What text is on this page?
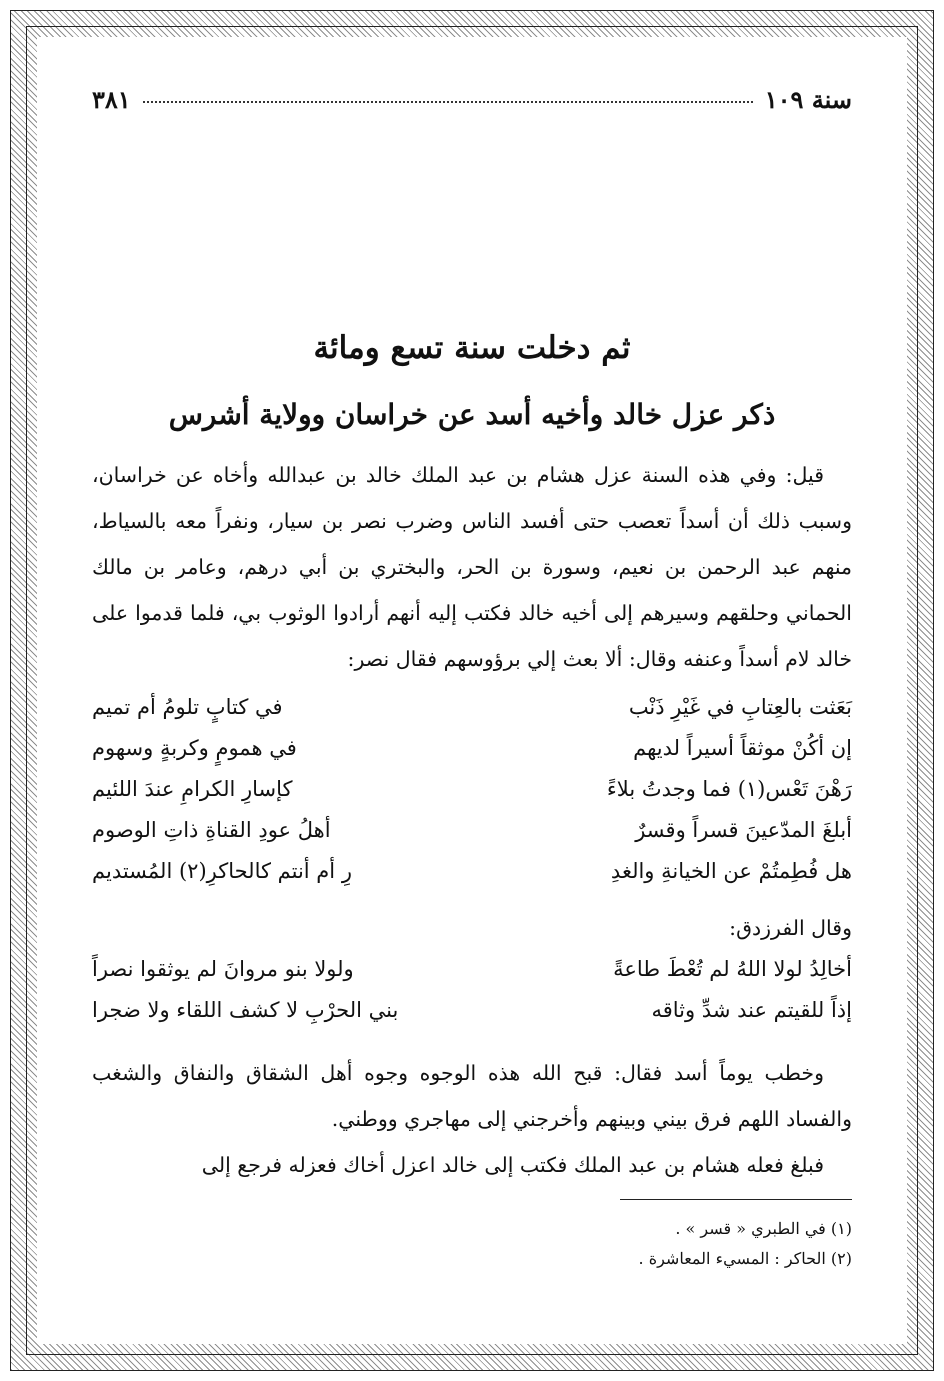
سنة ١٠٩
٣٨١
ثم دخلت سنة تسع ومائة
ذكر عزل خالد وأخيه أسد عن خراسان وولاية أشرس

قيل: وفي هذه السنة عزل هشام بن عبد الملك خالد بن عبدالله وأخاه عن خراسان، وسبب ذلك أن أسداً تعصب حتى أفسد الناس وضرب نصر بن سيار، ونفراً معه بالسياط، منهم عبد الرحمن بن نعيم، وسورة بن الحر، والبختري بن أبي درهم، وعامر بن مالك الحماني وحلقهم وسيرهم إلى أخيه خالد فكتب إليه أنهم أرادوا الوثوب بي، فلما قدموا على خالد لام أسداً وعنفه وقال: ألا بعث إلي برؤوسهم فقال نصر:

بَعَثت بالعِتابِ في غَيْرِ ذَنْب
في كتابٍ تلومُ أم تميم
إن أكُنْ موثقاً أسيراً لديهم
في همومٍ وكربةٍ وسهوم
رَهْنَ تَعْس(١) فما وجدتُ بلاءً
كإسارِ الكرامِ عندَ اللئيم
أبلغَ المدّعينَ قسراً وقسرٌ
أهلُ عودِ القناةِ ذاتِ الوصوم
هل فُطِمتُمْ عن الخيانةِ والغدِ
رِ أم أنتم كالحاكرِ(٢) المُستديم

وقال الفرزدق:

أخالِدُ لولا اللهُ لم تُعْطَ طاعةً
ولولا بنو مروانَ لم يوثقوا نصراً
إذاً للقيتم عند شدِّ وثاقه
بني الحرْبِ لا كشف اللقاء ولا ضجرا

وخطب يوماً أسد فقال: قبح الله هذه الوجوه وجوه أهل الشقاق والنفاق والشغب والفساد اللهم فرق بيني وبينهم وأخرجني إلى مهاجري ووطني.

فبلغ فعله هشام بن عبد الملك فكتب إلى خالد اعزل أخاك فعزله فرجع إلى

(١) في الطبري « قسر » .
(٢) الحاكر : المسيء المعاشرة .
